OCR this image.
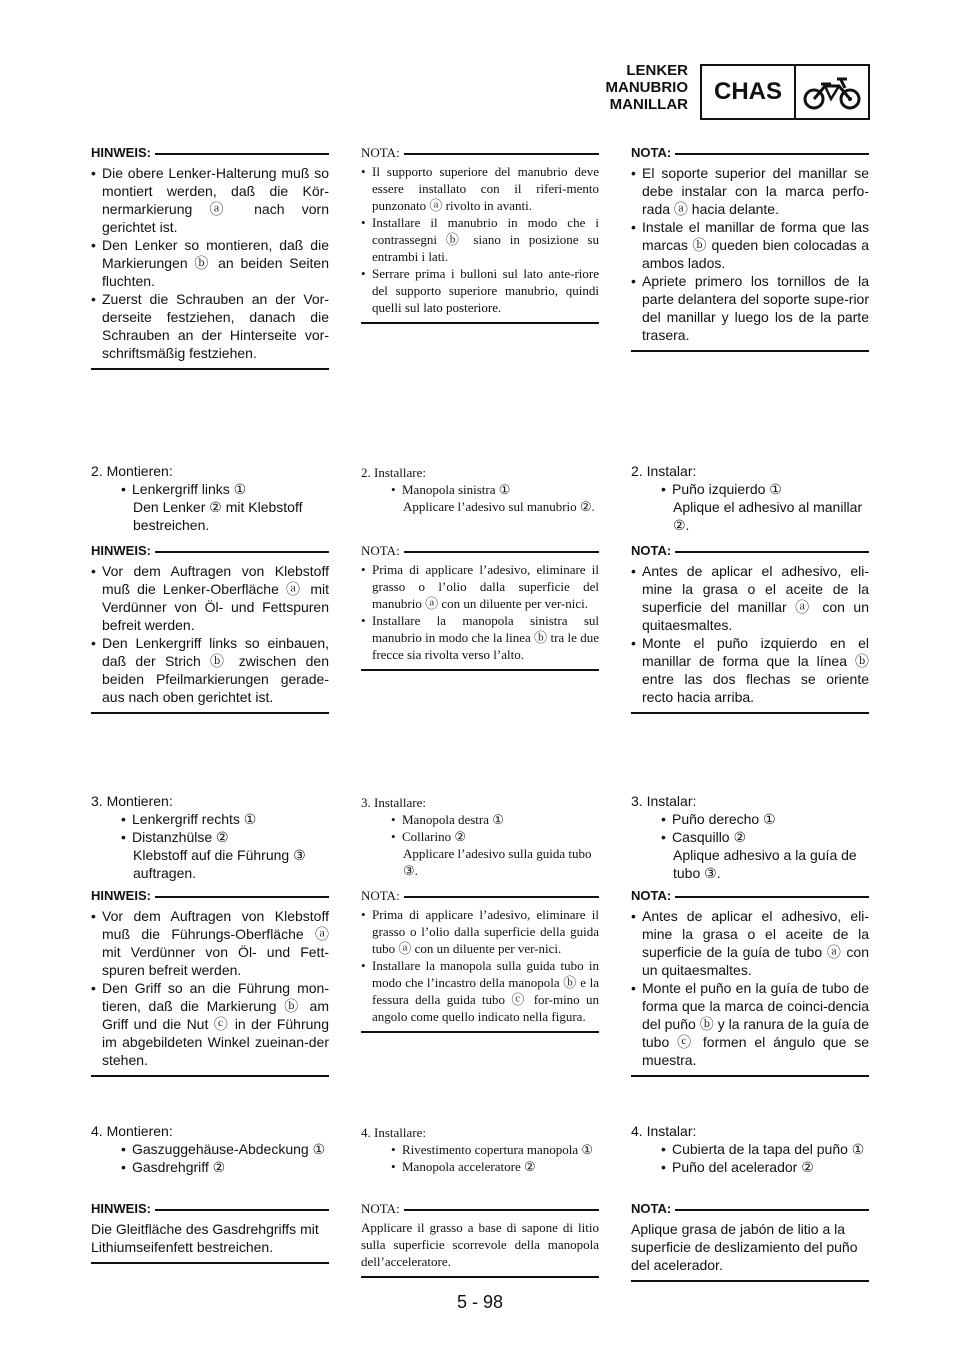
LENKER
MANUBRIO
MANILLAR	CHAS
HINWEIS:
• Die obere Lenker-Halterung muß so montiert werden, daß die Kör-nermarkierung ⓐ nach vorn gerichtet ist.
• Den Lenker so montieren, daß die Markierungen ⓑ an beiden Seiten fluchten.
• Zuerst die Schrauben an der Vor-derseite festziehen, danach die Schrauben an der Hinterseite vor-schriftsmäßig festziehen.
2. Montieren:
• Lenkergriff links ①
Den Lenker ② mit Klebstoff bestreichen.
HINWEIS:
• Vor dem Auftragen von Klebstoff muß die Lenker-Oberfläche ⓐ mit Verdünner von Öl- und Fettspuren befreit werden.
• Den Lenkergriff links so einbauen, daß der Strich ⓑ zwischen den beiden Pfeilmarkierungen gerade-aus nach oben gerichtet ist.
3. Montieren:
• Lenkergriff rechts ①
• Distanzhülse ②
Klebstoff auf die Führung ③ auftragen.
HINWEIS:
• Vor dem Auftragen von Klebstoff muß die Führungs-Oberfläche ⓐ mit Verdünner von Öl- und Fett-spuren befreit werden.
• Den Griff so an die Führung mon-tieren, daß die Markierung ⓑ am Griff und die Nut ⓒ in der Führung im abgebildeten Winkel zueinan-der stehen.
4. Montieren:
• Gaszuggehäuse-Abdeckung ①
• Gasdrehgriff ②
HINWEIS:
Die Gleitfläche des Gasdrehgriffs mit Lithiumseifenfett bestreichen.
NOTA:
• Il supporto superiore del manubrio deve essere installato con il riferi-mento punzonato ⓐ rivolto in avanti.
• Installare il manubrio in modo che i contrassegni ⓑ siano in posizione su entrambi i lati.
• Serrare prima i bulloni sul lato ante-riore del supporto superiore manubrio, quindi quelli sul lato posteriore.
2. Installare:
• Manopola sinistra ①
Applicare l’adesivo sul manubrio ②.
NOTA:
• Prima di applicare l’adesivo, eliminare il grasso o l’olio dalla superficie del manubrio ⓐ con un diluente per ver-nici.
• Installare la manopola sinistra sul manubrio in modo che la linea ⓑ tra le due frecce sia rivolta verso l’alto.
3. Installare:
• Manopola destra ①
• Collarino ②
Applicare l’adesivo sulla guida tubo ③.
NOTA:
• Prima di applicare l’adesivo, eliminare il grasso o l’olio dalla superficie della guida tubo ⓐ con un diluente per ver-nici.
• Installare la manopola sulla guida tubo in modo che l’incastro della manopola ⓑ e la fessura della guida tubo ⓒ for-mino un angolo come quello indicato nella figura.
4. Installare:
• Rivestimento copertura manopola ①
• Manopola acceleratore ②
NOTA:
Applicare il grasso a base di sapone di litio sulla superficie scorrevole della manopola dell’acceleratore.
NOTA:
• El soporte superior del manillar se debe instalar con la marca perfo-rada ⓐ hacia delante.
• Instale el manillar de forma que las marcas ⓑ queden bien colocadas a ambos lados.
• Apriete primero los tornillos de la parte delantera del soporte supe-rior del manillar y luego los de la parte trasera.
2. Instalar:
• Puño izquierdo ①
Aplique el adhesivo al manillar ②.
NOTA:
• Antes de aplicar el adhesivo, eli-mine la grasa o el aceite de la superficie del manillar ⓐ con un quitaesmaltes.
• Monte el puño izquierdo en el manillar de forma que la línea ⓑ entre las dos flechas se oriente recto hacia arriba.
3. Instalar:
• Puño derecho ①
• Casquillo ②
Aplique adhesivo a la guía de tubo ③.
NOTA:
• Antes de aplicar el adhesivo, eli-mine la grasa o el aceite de la superficie de la guía de tubo ⓐ con un quitaesmaltes.
• Monte el puño en la guía de tubo de forma que la marca de coinci-dencia del puño ⓑ y la ranura de la guía de tubo ⓒ formen el ángulo que se muestra.
4. Instalar:
• Cubierta de la tapa del puño ①
• Puño del acelerador ②
NOTA:
Aplique grasa de jabón de litio a la superficie de deslizamiento del puño del acelerador.
5 - 98
